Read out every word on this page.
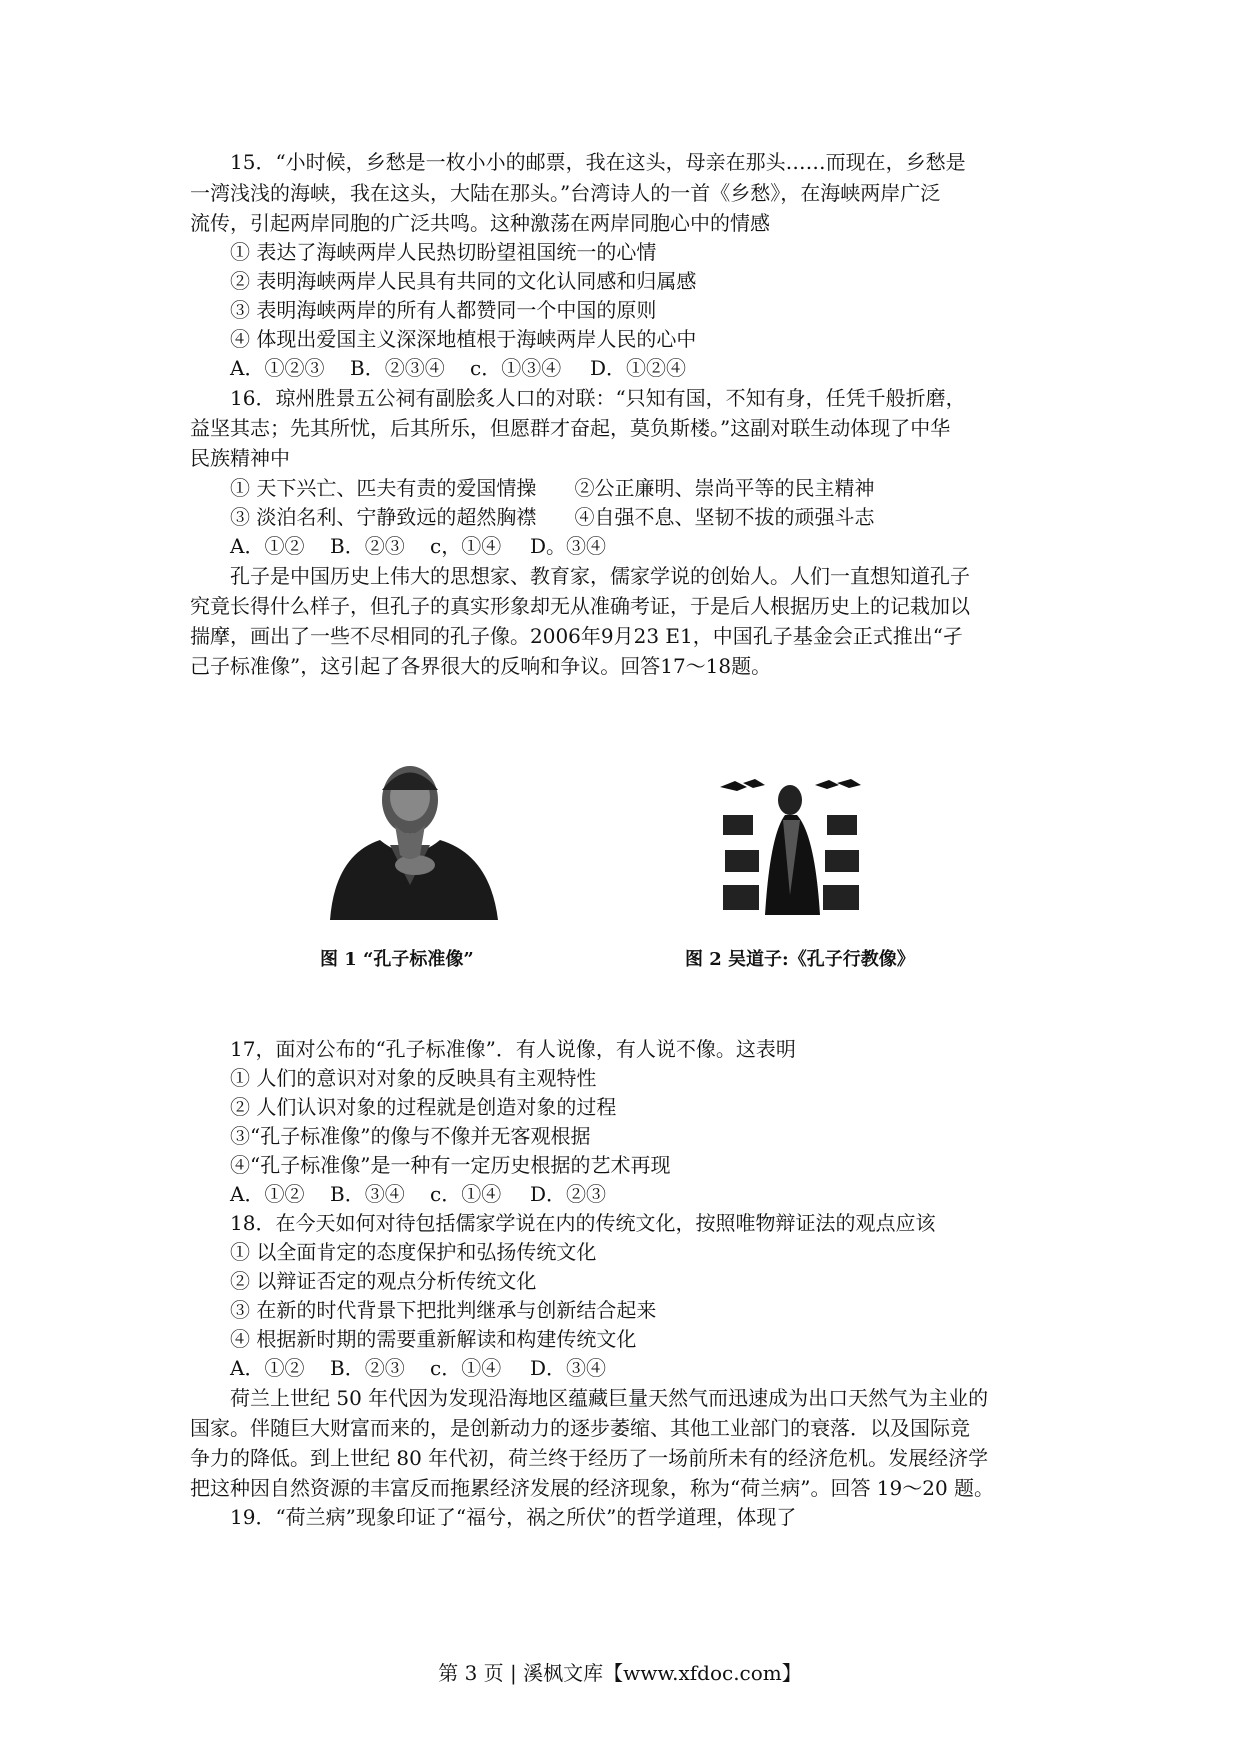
15．“小时候，乡愁是一枚小小的邮票，我在这头，母亲在那头……而现在，乡愁是
一湾浅浅的海峡，我在这头，大陆在那头。”台湾诗人的一首《乡愁》，在海峡两岸广泛
流传，引起两岸同胞的广泛共鸣。这种激荡在两岸同胞心中的情感
① 表达了海峡两岸人民热切盼望祖国统一的心情
② 表明海峡两岸人民具有共同的文化认同感和归属感
③ 表明海峡两岸的所有人都赞同一个中国的原则
④ 体现出爱国主义深深地植根于海峡两岸人民的心中
A．①②③ B．②③④ c．①③④ D．①②④
16．琼州胜景五公祠有副脍炙人口的对联：“只知有国，不知有身，任凭千般折磨，
益坚其志；先其所忧，后其所乐，但愿群才奋起，莫负斯楼。”这副对联生动体现了中华
民族精神中
① 天下兴亡、匹夫有责的爱国情操      ②公正廉明、崇尚平等的民主精神
③ 淡泊名利、宁静致远的超然胸襟      ④自强不息、坚韧不拔的顽强斗志
A．①② B．②③ c，①④ D。③④
孔子是中国历史上伟大的思想家、教育家，儒家学说的创始人。人们一直想知道孔子
究竟长得什么样子，但孔子的真实形象却无从准确考证，于是后人根据历史上的记栽加以
揣摩，画出了一些不尽相同的孔子像。2006年9月23 E1，中国孔子基金会正式推出“孑
己子标准像”，这引起了各界很大的反响和争议。回答17～18题。
图 1 “孔子标准像”	图 2 吴道子:《孔子行教像》
17，面对公布的“孔子标准像”．有人说像，有人说不像。这表明
① 人们的意识对对象的反映具有主观特性
② 人们认识对象的过程就是创造对象的过程
③“孔子标准像”的像与不像并无客观根据
④“孔子标准像”是一种有一定历史根据的艺术再现
A．①② B．③④ c．①④ D．②③
18．在今天如何对待包括儒家学说在内的传统文化，按照唯物辩证法的观点应该
① 以全面肯定的态度保护和弘扬传统文化
② 以辩证否定的观点分析传统文化
③ 在新的时代背景下把批判继承与创新结合起来
④ 根据新时期的需要重新解读和构建传统文化
A．①② B．②③ c．①④ D．③④
荷兰上世纪 50 年代因为发现沿海地区蕴藏巨量天然气而迅速成为出口天然气为主业的
国家。伴随巨大财富而来的，是创新动力的逐步萎缩、其他工业部门的衰落．以及国际竞
争力的降低。到上世纪 80 年代初，荷兰终于经历了一场前所未有的经济危机。发展经济学
把这种因自然资源的丰富反而拖累经济发展的经济现象，称为“荷兰病”。回答 19～20 题。
19．“荷兰病”现象印证了“福兮，祸之所伏”的哲学道理，体现了
第 3 页 | 溪枫文库【www.xfdoc.com】
